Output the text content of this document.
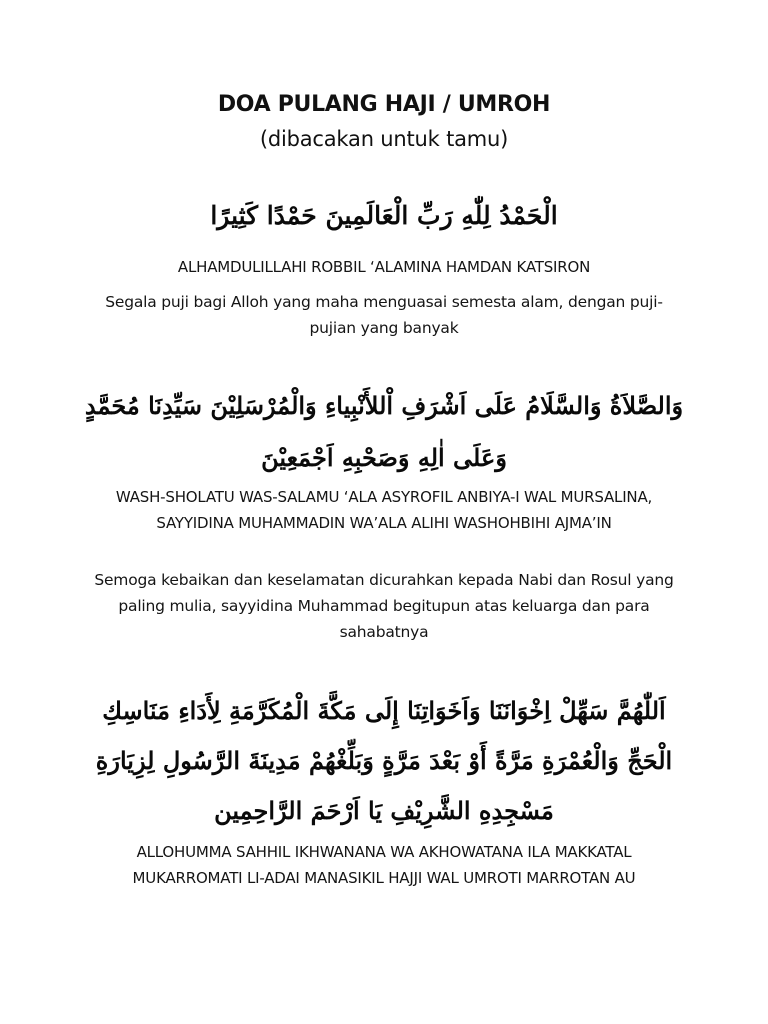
DOA PULANG HAJI / UMROH
(dibacakan untuk tamu)
الْحَمْدُ لِلّٰهِ رَبِّ الْعَالَمِينَ حَمْدًا كَثِيرًا
ALHAMDULILLAHI ROBBIL ‘ALAMINA HAMDAN KATSIRON
Segala puji bagi Alloh yang maha menguasai semesta alam, dengan puji-pujian yang banyak
وَالصَّلاَةُ وَالسَّلَامُ عَلَى اَشْرَفِ اْللأَنْبِياءِ وَالْمُرْسَلِيْنَ سَيِّدِنَا مُحَمَّدٍ وَعَلَى اٰلِهِ وَصَحْبِهِ اَجْمَعِيْنَ
WASH-SHOLATU WAS-SALAMU ‘ALA ASYROFIL ANBIYA-I WAL MURSALINA, SAYYIDINA MUHAMMADIN WA’ALA ALIHI WASHOHBIHI AJMA’IN
Semoga kebaikan dan keselamatan dicurahkan kepada Nabi dan Rosul yang paling mulia, sayyidina Muhammad begitupun atas keluarga dan para sahabatnya
اَللّٰهُمَّ سَهِّلْ اِخْوَانَنَا وَاَخَوَاتِنَا إِلَى مَكَّةَ الْمُكَرَّمَةِ لِأَدَاءِ مَنَاسِكِ الْحَجِّ وَالْعُمْرَةِ مَرَّةً أَوْ بَعْدَ مَرَّةٍ وَبَلِّغْهُمْ مَدِينَةَ الرَّسُولِ لِزِيَارَةِ مَسْجِدِهِ الشَّرِيْفِ يَا اَرْحَمَ الرَّاحِمِين
ALLOHUMMA SAHHIL IKHWANANA WA AKHOWATANA ILA MAKKATAL MUKARROMATI LI-ADAI MANASIKIL HAJJI WAL UMROTI MARROTAN AU
